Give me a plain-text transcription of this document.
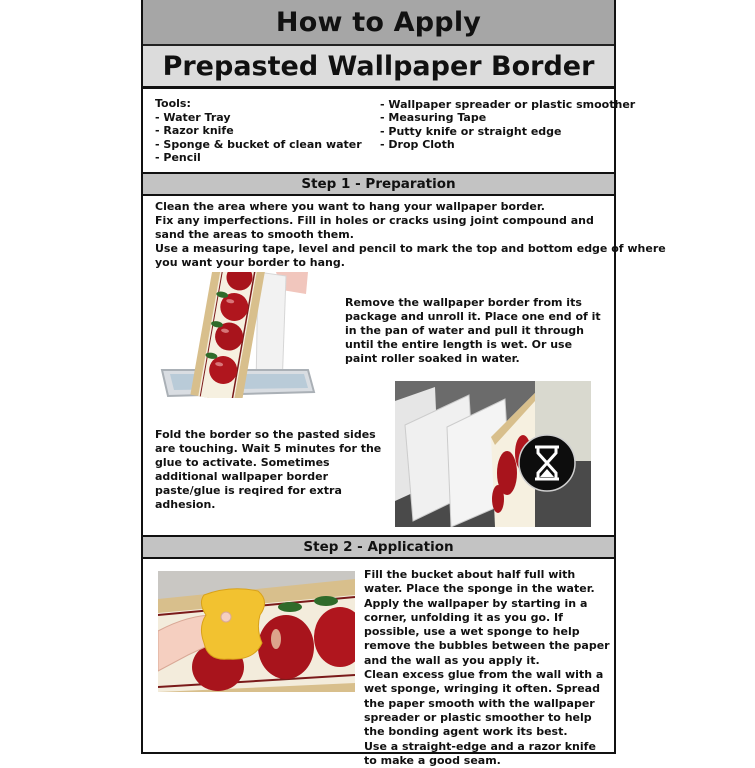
How to Apply
Prepasted Wallpaper Border
Tools:
- Water Tray
- Razor knife
- Sponge & bucket of clean water
- Pencil
- Wallpaper spreader or plastic smoother
- Measuring Tape
- Putty knife or straight edge
- Drop Cloth
Step 1 - Preparation
Clean the area where you want to hang your wallpaper border.
Fix any imperfections. Fill in holes or cracks using joint compound and
sand the areas to smooth them.
Use a measuring tape, level and pencil to mark the top and bottom edge of where
you want your border to hang.
Remove the wallpaper border from its package and unroll it. Place one end of it in the pan of water and pull it through until the entire length is wet. Or use paint roller soaked in water.
Fold the border so the pasted sides are touching. Wait 5 minutes for the glue to activate. Sometimes additional wallpaper border paste/glue is reqired for extra adhesion.
Step 2 - Application
Fill the bucket about half full with water. Place the sponge in the water. Apply the wallpaper by starting in a corner, unfolding it as you go. If possible, use a wet sponge to help remove the bubbles between the paper and the wall as you apply it.
Clean excess glue from the wall with a wet sponge, wringing it often. Spread the paper smooth with the wallpaper spreader or plastic smoother to help the bonding agent work its best.
Use a straight-edge and a razor knife to make a good seam.
